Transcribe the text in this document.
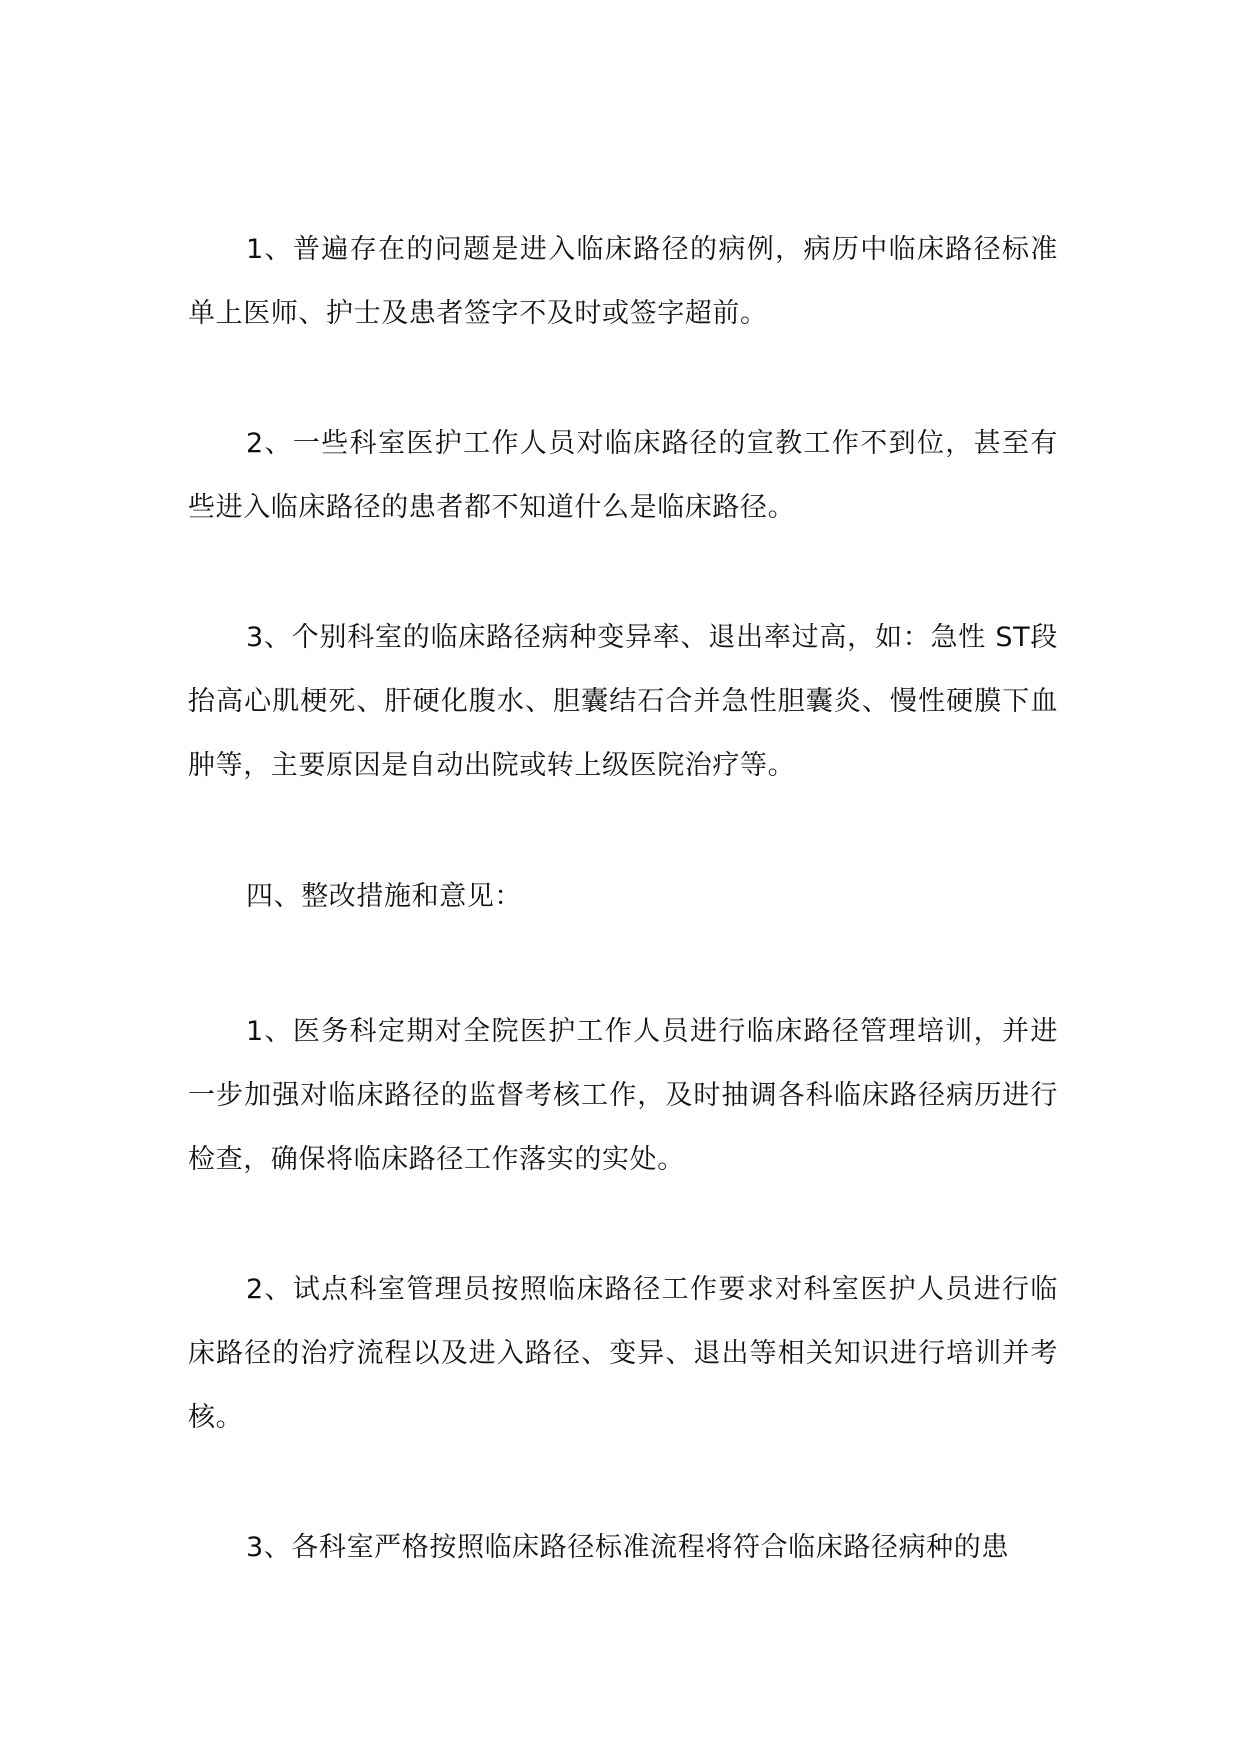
1、普遍存在的问题是进入临床路径的病例，病历中临床路径标准单上医师、护士及患者签字不及时或签字超前。

2、一些科室医护工作人员对临床路径的宣教工作不到位，甚至有些进入临床路径的患者都不知道什么是临床路径。

3、个别科室的临床路径病种变异率、退出率过高，如：急性 ST段抬高心肌梗死、肝硬化腹水、胆囊结石合并急性胆囊炎、慢性硬膜下血肿等，主要原因是自动出院或转上级医院治疗等。

四、整改措施和意见：

1、医务科定期对全院医护工作人员进行临床路径管理培训，并进一步加强对临床路径的监督考核工作，及时抽调各科临床路径病历进行检查，确保将临床路径工作落实的实处。

2、试点科室管理员按照临床路径工作要求对科室医护人员进行临床路径的治疗流程以及进入路径、变异、退出等相关知识进行培训并考核。

3、各科室严格按照临床路径标准流程将符合临床路径病种的患
